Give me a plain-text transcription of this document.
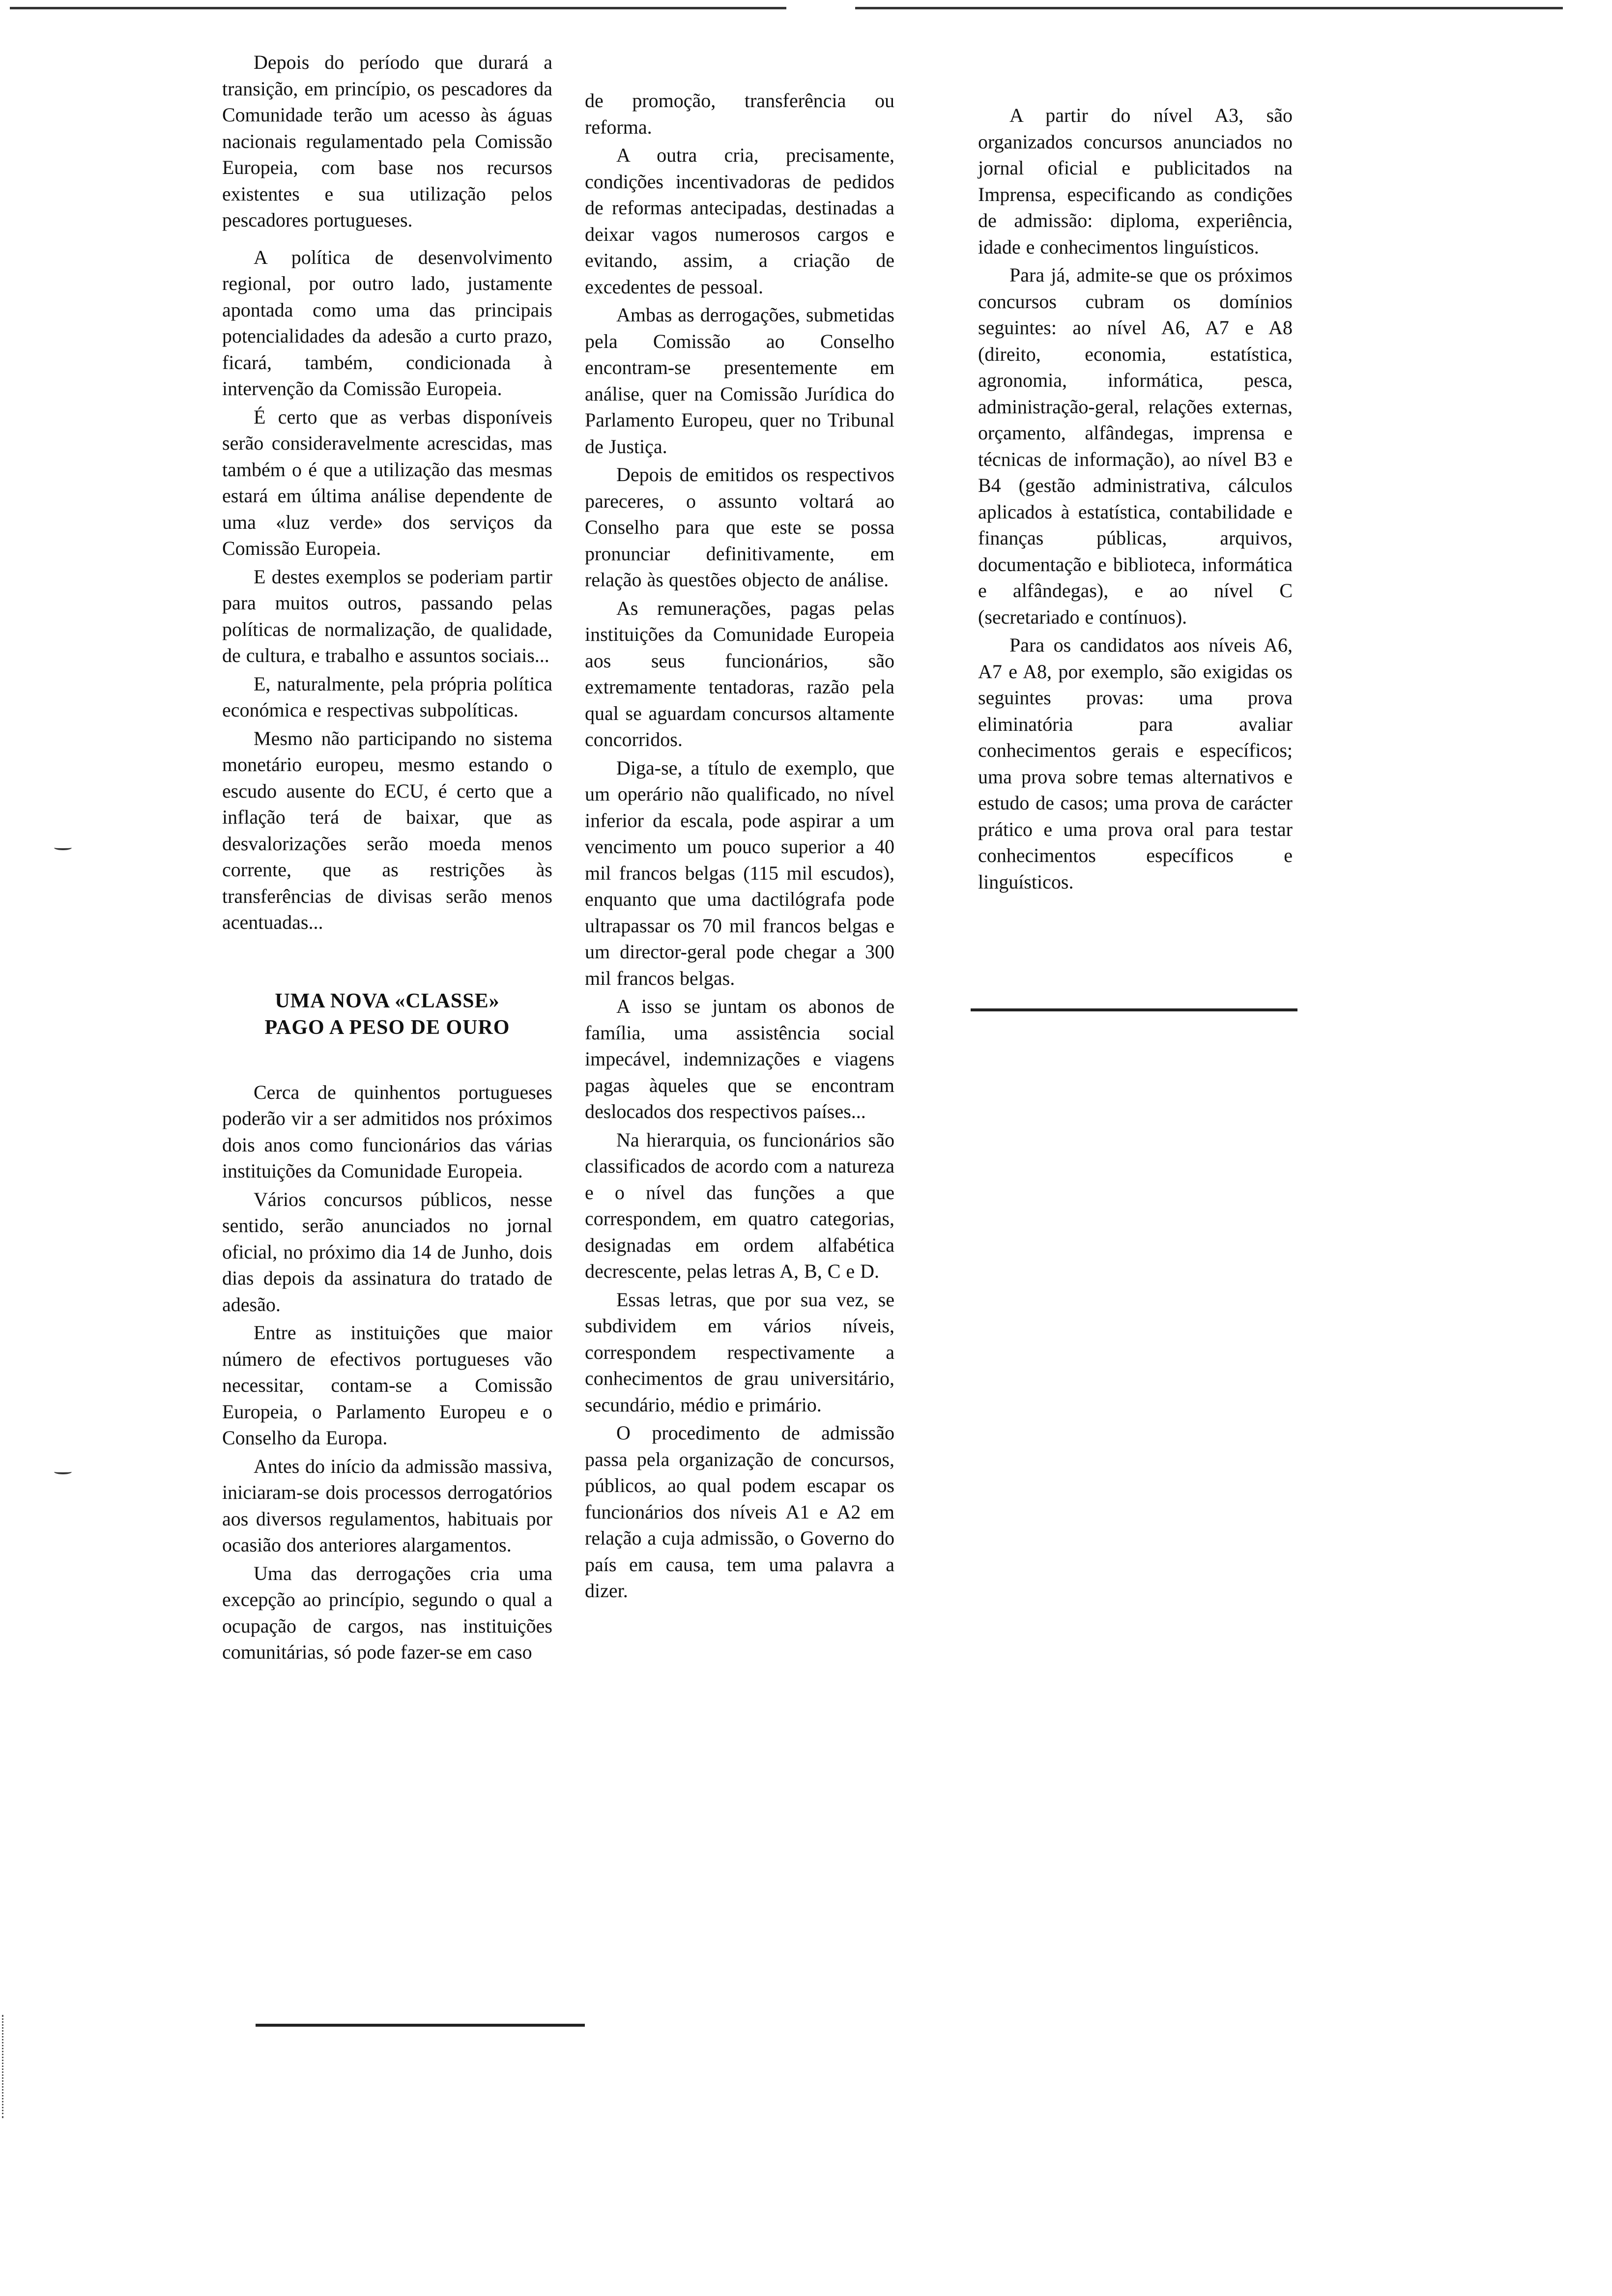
Depois do período que durará a transição, em princípio, os pescadores da Comunidade terão um acesso às águas nacionais regulamentado pela Comissão Europeia, com base nos recursos existentes e sua utilização pelos pescadores portugueses.

A política de desenvolvimento regional, por outro lado, justamente apontada como uma das principais potencialidades da adesão a curto prazo, ficará, também, condicionada à intervenção da Comissão Europeia.

É certo que as verbas disponíveis serão consideravelmente acrescidas, mas também o é que a utilização das mesmas estará em última análise dependente de uma «luz verde» dos serviços da Comissão Europeia.

E destes exemplos se poderiam partir para muitos outros, passando pelas políticas de normalização, de qualidade, de cultura, e trabalho e assuntos sociais...

E, naturalmente, pela própria política económica e respectivas subpolíticas.

Mesmo não participando no sistema monetário europeu, mesmo estando o escudo ausente do ECU, é certo que a inflação terá de baixar, que as desvalorizações serão moeda menos corrente, que as restrições às transferências de divisas serão menos acentuadas...

UMA NOVA «CLASSE»
PAGO A PESO DE OURO

Cerca de quinhentos portugueses poderão vir a ser admitidos nos próximos dois anos como funcionários das várias instituições da Comunidade Europeia.

Vários concursos públicos, nesse sentido, serão anunciados no jornal oficial, no próximo dia 14 de Junho, dois dias depois da assinatura do tratado de adesão.

Entre as instituições que maior número de efectivos portugueses vão necessitar, contam-se a Comissão Europeia, o Parlamento Europeu e o Conselho da Europa.

Antes do início da admissão massiva, iniciaram-se dois processos derrogatórios aos diversos regulamentos, habituais por ocasião dos anteriores alargamentos.

Uma das derrogações cria uma excepção ao princípio, segundo o qual a ocupação de cargos, nas instituições comunitárias, só pode fazer-se em caso

de promoção, transferência ou reforma.

A outra cria, precisamente, condições incentivadoras de pedidos de reformas antecipadas, destinadas a deixar vagos numerosos cargos e evitando, assim, a criação de excedentes de pessoal.

Ambas as derrogações, submetidas pela Comissão ao Conselho encontram-se presentemente em análise, quer na Comissão Jurídica do Parlamento Europeu, quer no Tribunal de Justiça.

Depois de emitidos os respectivos pareceres, o assunto voltará ao Conselho para que este se possa pronunciar definitivamente, em relação às questões objecto de análise.

As remunerações, pagas pelas instituições da Comunidade Europeia aos seus funcionários, são extremamente tentadoras, razão pela qual se aguardam concursos altamente concorridos.

Diga-se, a título de exemplo, que um operário não qualificado, no nível inferior da escala, pode aspirar a um vencimento um pouco superior a 40 mil francos belgas (115 mil escudos), enquanto que uma dactilógrafa pode ultrapassar os 70 mil francos belgas e um director-geral pode chegar a 300 mil francos belgas.

A isso se juntam os abonos de família, uma assistência social impecável, indemnizações e viagens pagas àqueles que se encontram deslocados dos respectivos países...

Na hierarquia, os funcionários são classificados de acordo com a natureza e o nível das funções a que correspondem, em quatro categorias, designadas em ordem alfabética decrescente, pelas letras A, B, C e D.

Essas letras, que por sua vez, se subdividem em vários níveis, correspondem respectivamente a conhecimentos de grau universitário, secundário, médio e primário.

O procedimento de admissão passa pela organização de concursos, públicos, ao qual podem escapar os funcionários dos níveis A1 e A2 em relação a cuja admissão, o Governo do país em causa, tem uma palavra a dizer.

A partir do nível A3, são organizados concursos anunciados no jornal oficial e publicitados na Imprensa, especificando as condições de admissão: diploma, experiência, idade e conhecimentos linguísticos.

Para já, admite-se que os próximos concursos cubram os domínios seguintes: ao nível A6, A7 e A8 (direito, economia, estatística, agronomia, informática, pesca, administração-geral, relações externas, orçamento, alfândegas, imprensa e técnicas de informação), ao nível B3 e B4 (gestão administrativa, cálculos aplicados à estatística, contabilidade e finanças públicas, arquivos, documentação e biblioteca, informática e alfândegas), e ao nível C (secretariado e contínuos).

Para os candidatos aos níveis A6, A7 e A8, por exemplo, são exigidas os seguintes provas: uma prova eliminatória para avaliar conhecimentos gerais e específicos; uma prova sobre temas alternativos e estudo de casos; uma prova de carácter prático e uma prova oral para testar conhecimentos específicos e linguísticos.
